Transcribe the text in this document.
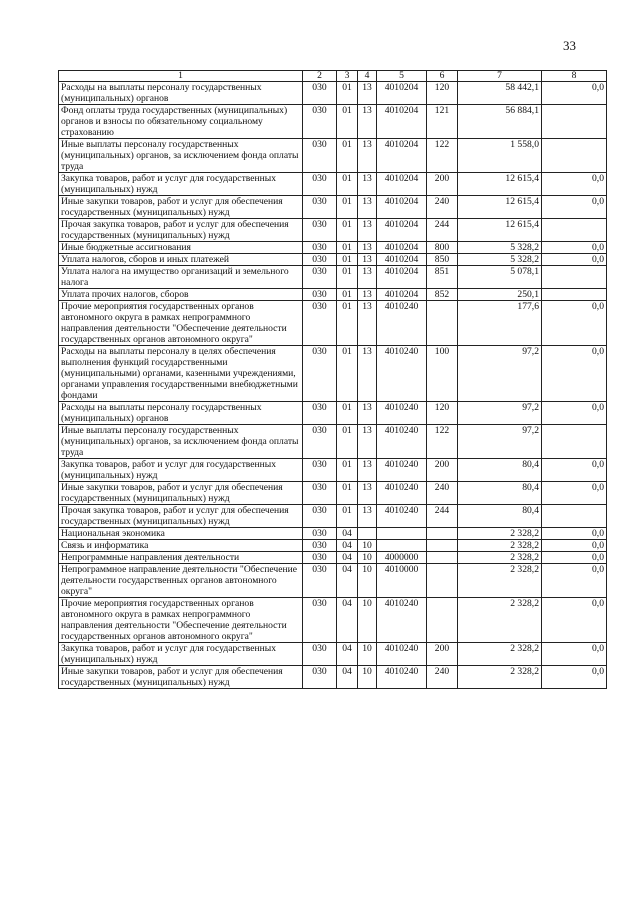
33
1	2	3	4	5	6	7	8
Расходы на выплаты персоналу государственных (муниципальных) органов	030	01	13	4010204	120	58 442,1	0,0
Фонд оплаты труда государственных (муниципальных) органов и взносы по обязательному социальному страхованию	030	01	13	4010204	121	56 884,1	
Иные выплаты персоналу государственных (муниципальных) органов, за исключением фонда оплаты труда	030	01	13	4010204	122	1 558,0	
Закупка товаров, работ и услуг для государственных (муниципальных) нужд	030	01	13	4010204	200	12 615,4	0,0
Иные закупки товаров, работ и услуг для обеспечения государственных (муниципальных) нужд	030	01	13	4010204	240	12 615,4	0,0
Прочая закупка товаров, работ и услуг для обеспечения государственных (муниципальных) нужд	030	01	13	4010204	244	12 615,4	
Иные бюджетные ассигнования	030	01	13	4010204	800	5 328,2	0,0
Уплата налогов, сборов и иных платежей	030	01	13	4010204	850	5 328,2	0,0
Уплата налога на имущество организаций и земельного налога	030	01	13	4010204	851	5 078,1	
Уплата прочих налогов, сборов	030	01	13	4010204	852	250,1	
Прочие мероприятия государственных органов автономного округа в рамках непрограммного направления деятельности "Обеспечение деятельности государственных органов автономного округа"	030	01	13	4010240		177,6	0,0
Расходы на выплаты персоналу в целях обеспечения выполнения функций государственными (муниципальными) органами, казенными учреждениями, органами управления государственными внебюджетными фондами	030	01	13	4010240	100	97,2	0,0
Расходы на выплаты персоналу государственных (муниципальных) органов	030	01	13	4010240	120	97,2	0,0
Иные выплаты персоналу государственных (муниципальных) органов, за исключением фонда оплаты труда	030	01	13	4010240	122	97,2	
Закупка товаров, работ и услуг для государственных (муниципальных) нужд	030	01	13	4010240	200	80,4	0,0
Иные закупки товаров, работ и услуг для обеспечения государственных (муниципальных) нужд	030	01	13	4010240	240	80,4	0,0
Прочая закупка товаров, работ и услуг для обеспечения государственных (муниципальных) нужд	030	01	13	4010240	244	80,4	
Национальная экономика	030	04				2 328,2	0,0
Связь и информатика	030	04	10			2 328,2	0,0
Непрограммные направления деятельности	030	04	10	4000000		2 328,2	0,0
Непрограммное направление деятельности "Обеспечение деятельности государственных органов автономного округа"	030	04	10	4010000		2 328,2	0,0
Прочие мероприятия государственных органов автономного округа в рамках непрограммного направления деятельности "Обеспечение деятельности государственных органов автономного округа"	030	04	10	4010240		2 328,2	0,0
Закупка товаров, работ и услуг для государственных (муниципальных) нужд	030	04	10	4010240	200	2 328,2	0,0
Иные закупки товаров, работ и услуг для обеспечения государственных (муниципальных) нужд	030	04	10	4010240	240	2 328,2	0,0
